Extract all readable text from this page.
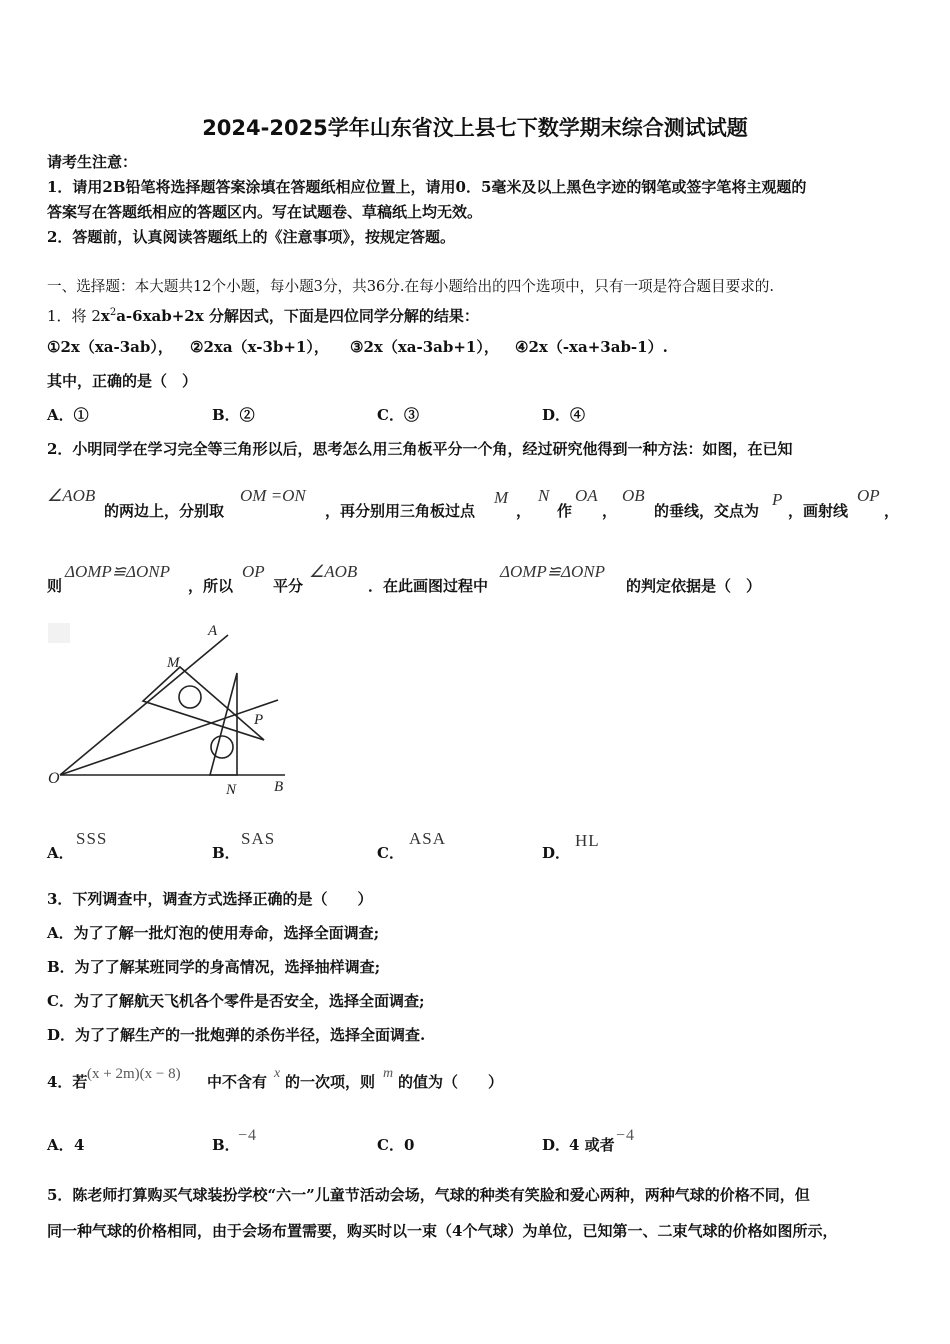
2024-2025学年山东省汶上县七下数学期末综合测试试题
请考生注意：
1．请用2B铅笔将选择题答案涂填在答题纸相应位置上，请用0．5毫米及以上黑色字迹的钢笔或签字笔将主观题的
答案写在答题纸相应的答题区内。写在试题卷、草稿纸上均无效。
2．答题前，认真阅读答题纸上的《注意事项》，按规定答题。
一、选择题：本大题共12个小题，每小题3分，共36分.在每小题给出的四个选项中，只有一项是符合题目要求的.
1．将 $2x^2a-6xab+2x$ 分解因式，下面是四位同学分解的结果：
①2x（xa-3ab）， ②2xa（x-3b+1）， ③2x（xa-3ab+1）， ④2x（-xa+3ab-1）.
其中，正确的是（　）
A．①	B．②	C．③	D．④
2．小明同学在学习完全等三角形以后，思考怎么用三角板平分一个角，经过研究他得到一种方法：如图，在已知
∠AOB
的两边上，分别取
OM =ON
，再分别用三角板过点
M
，
N
作
OA
，
OB
的垂线，交点为
P
，画射线
OP
，
则
ΔOMP≌ΔONP
，所以
OP
平分
∠AOB
．在此画图过程中
ΔOMP≌ΔONP
的判定依据是（　）
A
M
P
O
N	B
A．
SSS
B．
SAS
C．
ASA
D．
HL
3．下列调查中，调查方式选择正确的是（　　）
A．为了了解一批灯泡的使用寿命，选择全面调查;
B．为了了解某班同学的身高情况，选择抽样调查;
C．为了了解航天飞机各个零件是否安全，选择全面调查;
D．为了了解生产的一批炮弹的杀伤半径，选择全面调查.
4．若 (x + 2m)(x − 8) 中不含有 x 的一次项，则 m 的值为（　　）
A． 4	B．
−4
C． 0	D．
4 或者
−4
5．陈老师打算购买气球装扮学校“六一”儿童节活动会场，气球的种类有笑脸和爱心两种，两种气球的价格不同，但
同一种气球的价格相同，由于会场布置需要，购买时以一束（4个气球）为单位，已知第一、二束气球的价格如图所示，
